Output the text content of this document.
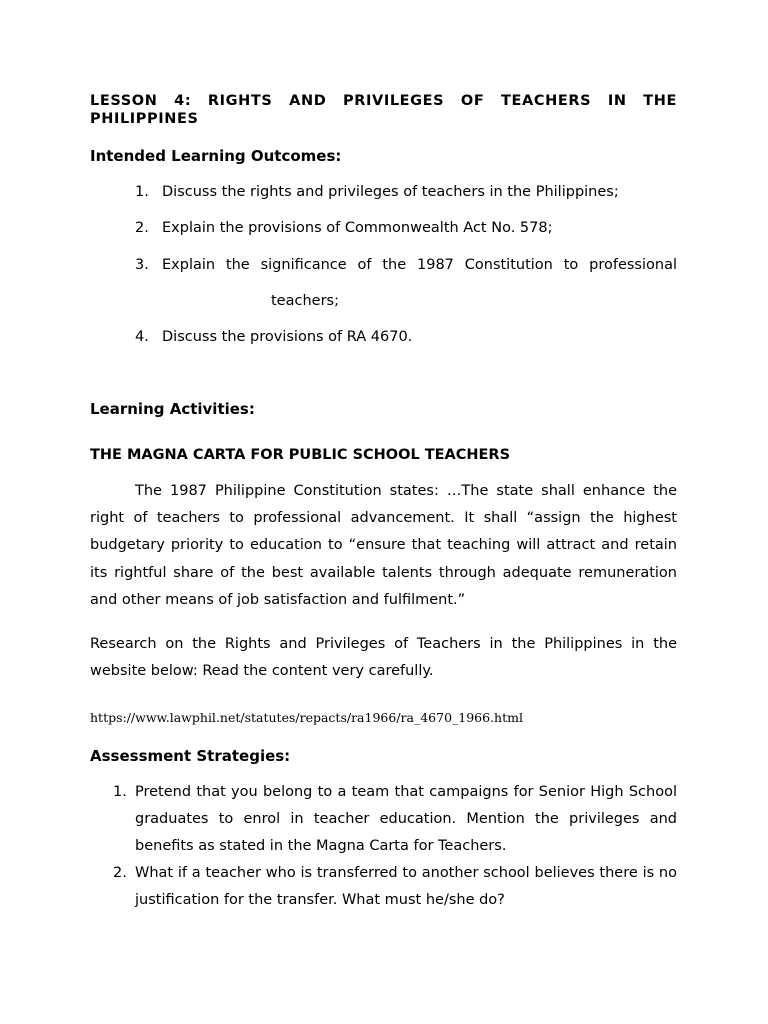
LESSON 4: RIGHTS AND PRIVILEGES OF TEACHERS IN THE PHILIPPINES
Intended Learning Outcomes:
1. Discuss the rights and privileges of teachers in the Philippines;
2. Explain the provisions of Commonwealth Act No. 578;
3. Explain the significance of the 1987 Constitution to professional
teachers;
4. Discuss the provisions of RA 4670.
Learning Activities:
THE MAGNA CARTA FOR PUBLIC SCHOOL TEACHERS
The 1987 Philippine Constitution states: …The state shall enhance the right of teachers to professional advancement. It shall “assign the highest budgetary priority to education to “ensure that teaching will attract and retain its rightful share of the best available talents through adequate remuneration and other means of job satisfaction and fulfilment.”
Research on the Rights and Privileges of Teachers in the Philippines in the website below: Read the content very carefully.
https://www.lawphil.net/statutes/repacts/ra1966/ra_4670_1966.html
Assessment Strategies:
1. Pretend that you belong to a team that campaigns for Senior High School graduates to enrol in teacher education. Mention the privileges and benefits as stated in the Magna Carta for Teachers.
2. What if a teacher who is transferred to another school believes there is no justification for the transfer. What must he/she do?
